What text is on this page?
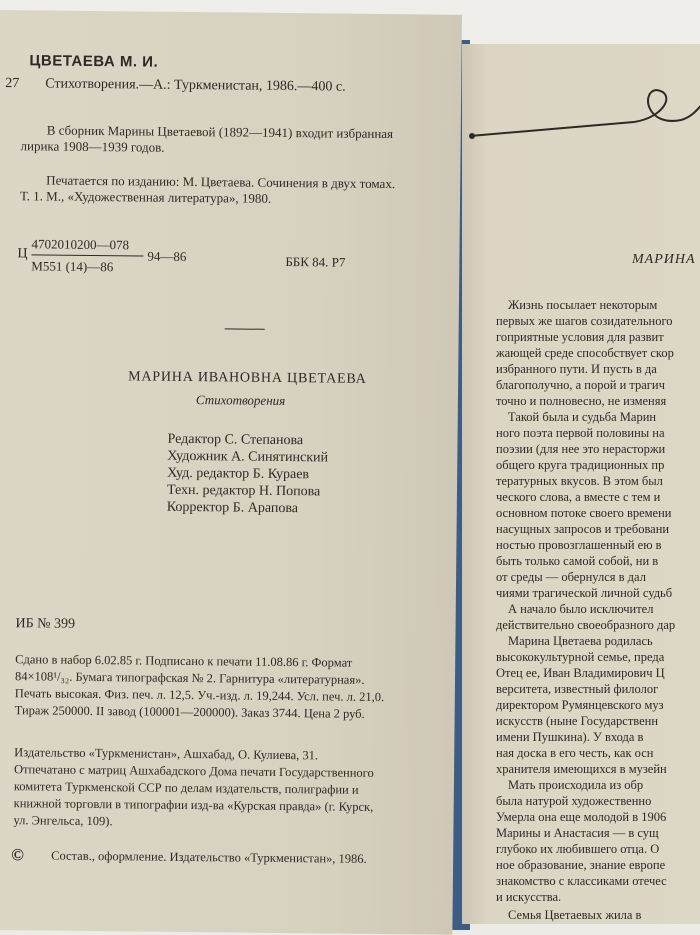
ЦВЕТАЕВА М. И.
27 Стихотворения.—А.: Туркменистан, 1986.—400 с.
В сборник Марины Цветаевой (1892—1941) входит избранная
лирика 1908—1939 годов.
Печатается по изданию: М. Цветаева. Сочинения в двух томах.
Т. 1. М., «Художественная литература», 1980.
Ц
4702010200—078
М551 (14)—86
94—86	ББК 84. Р7
МАРИНА ИВАНОВНА ЦВЕТАЕВА
Стихотворения
Редактор С. Степанова
Художник А. Синятинский
Худ. редактор Б. Кураев
Техн. редактор Н. Попова
Корректор Б. Арапова
ИБ № 399
Сдано в набор 6.02.85 г. Подписано к печати 11.08.86 г. Формат
84×108¹/₃₂. Бумага типографская № 2. Гарнитура «литературная».
Печать высокая. Физ. печ. л. 12,5. Уч.-изд. л. 19,244. Усл. печ. л. 21,0.
Тираж 250000. II завод (100001—200000). Заказ 3744. Цена 2 руб.
Издательство «Туркменистан», Ашхабад, О. Кулиева, 31.
Отпечатано с матриц Ашхабадского Дома печати Государственного
комитета Туркменской ССР по делам издательств, полиграфии и
книжной торговли в типографии изд-ва «Курская правда» (г. Курск,
ул. Энгельса, 109).
© Состав., оформление. Издательство «Туркменистан», 1986.
МАРИНА
Жизнь посылает некоторым
первых же шагов созидательного
гоприятные условия для развит
жающей среде способствует скор
избранного пути. И пусть в да
благополучно, а порой и трагич
точно и полновесно, не изменяя
Такой была и судьба Марин
ного поэта первой половины на
поэзии (для нее это нерасторжи
общего круга традиционных пр
тературных вкусов. В этом был
ческого слова, а вместе с тем и
основном потоке своего времени
насущных запросов и требовани
ностью провозглашенный ею в
быть только самой собой, ни в
от среды — обернулся в дал
чиями трагической личной судьб
А начало было исключител
действительно своеобразного дар
Марина Цветаева родилась
высококультурной семье, преда
Отец ее, Иван Владимирович Ц
верситета, известный филолог
директором Румянцевского муз
искусств (ныне Государственн
имени Пушкина). У входа в
ная доска в его честь, как осн
хранителя имеющихся в музейн
Мать происходила из обр
была натурой художественно
Умерла она еще молодой в 1906
Марины и Анастасия — в сущ
глубоко их любившего отца. О
ное образование, знание европе
знакомство с классиками отечес
и искусства.
Семья Цветаевых жила в
